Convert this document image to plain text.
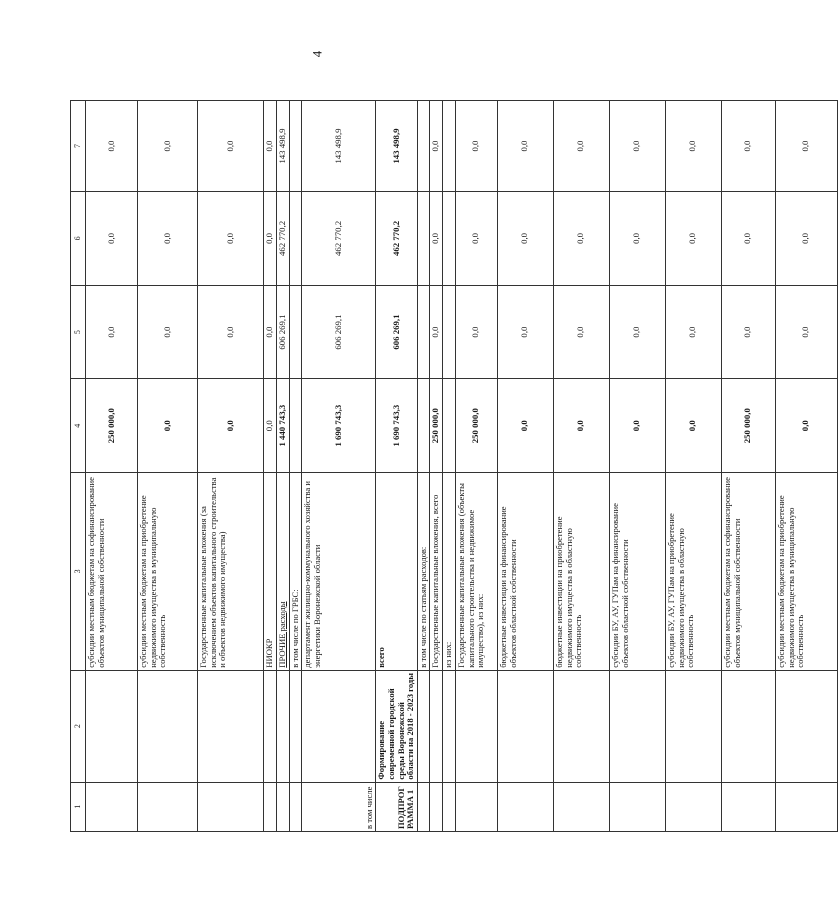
4
1	2	3	4	5	6	7
		субсидии местным бюджетам на софинансирование объектов муниципальной собственности	250 000,0	0,0	0,0	0,0
		субсидии местным бюджетам на приобретение недвижимого имущества в муниципальную собственность	0,0	0,0	0,0	0,0
		Государственные капитальные вложения (за исключением объектов капитального строительства и объектов недвижимого имущества)	0,0	0,0	0,0	0,0
		НИОКР	0,0	0,0	0,0	0,0
		ПРОЧИЕ расходы	1 440 743,3	606 269,1	462 770,2	143 498,9
		в том числе по ГРБС:				
в том числе		департамент жилищно-коммунального хозяйства и энергетики Воронежской области	1 690 743,3	606 269,1	462 770,2	143 498,9
ПОДПРОГРАММА 1	Формирование современной городской среды Воронежской области на 2018 - 2023 годы	всего	1 690 743,3	606 269,1	462 770,2	143 498,9
		в том числе по статьям расходов:				
		Государственные капитальные вложения, всего	250 000,0	0,0	0,0	0,0
		из них:				
		Государственные капитальные вложения (объекты капитального строительства и недвижимое имущество), из них:	250 000,0	0,0	0,0	0,0
		бюджетные инвестиции на финансирование объектов областной собственности	0,0	0,0	0,0	0,0
		бюджетные инвестиции на приобретение недвижимого имущества в областную собственность	0,0	0,0	0,0	0,0
		субсидии БУ, АУ, ГУПам на финансирование объектов областной собственности	0,0	0,0	0,0	0,0
		субсидии БУ, АУ, ГУПам на приобретение недвижимого имущества в областную собственность	0,0	0,0	0,0	0,0
		субсидии местным бюджетам на софинансирование объектов муниципальной собственности	250 000,0	0,0	0,0	0,0
		субсидии местным бюджетам на приобретение недвижимого имущества в муниципальную собственность	0,0	0,0	0,0	0,0
